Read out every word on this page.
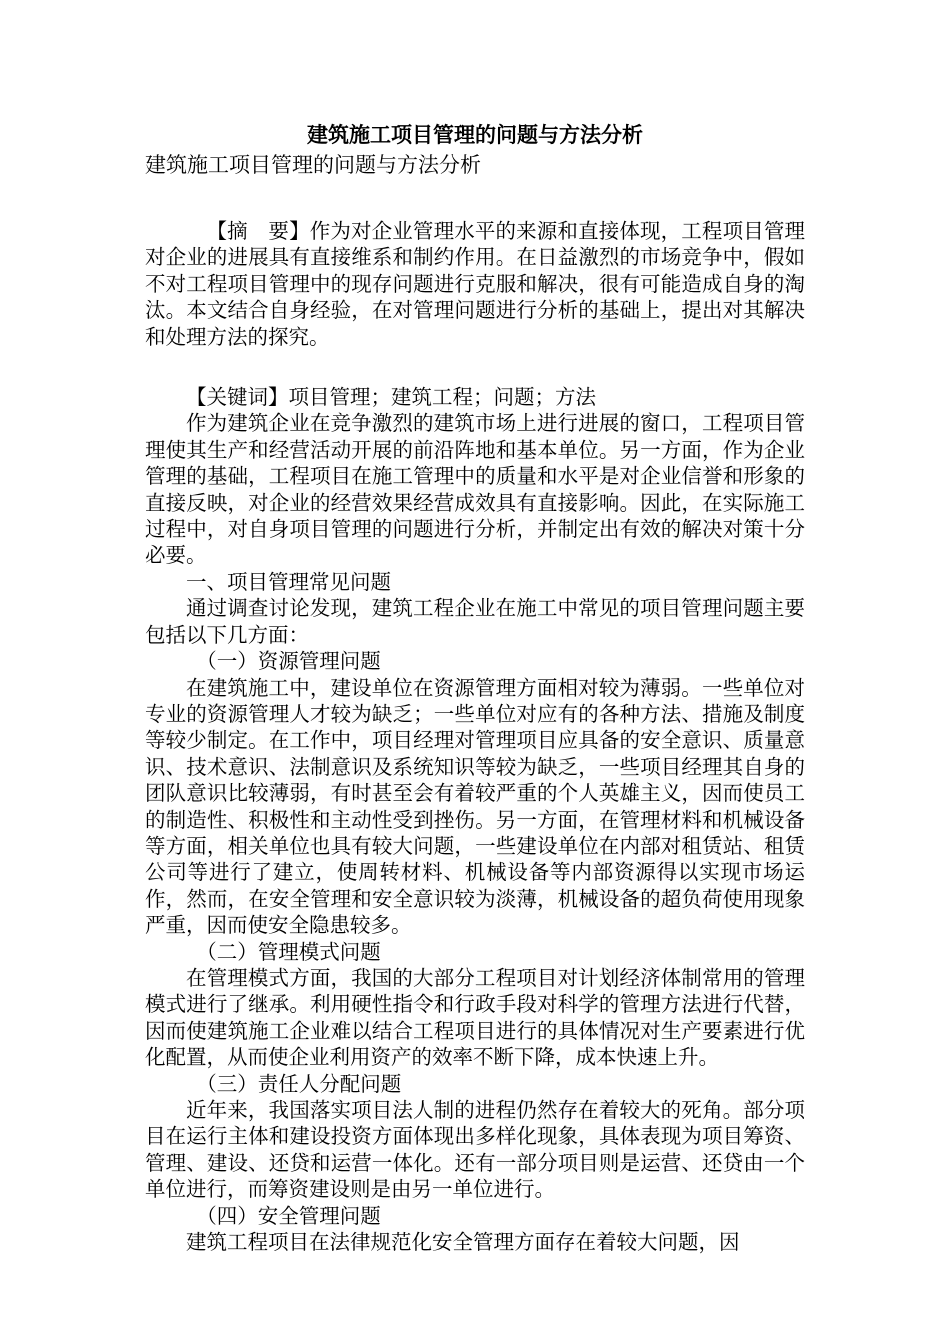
建筑施工项目管理的问题与方法分析

建筑施工项目管理的问题与方法分析

【摘　要】作为对企业管理水平的来源和直接体现，工程项目管理对企业的进展具有直接维系和制约作用。在日益激烈的市场竞争中，假如不对工程项目管理中的现存问题进行克服和解决，很有可能造成自身的淘汰。本文结合自身经验，在对管理问题进行分析的基础上，提出对其解决和处理方法的探究。

【关键词】项目管理；建筑工程；问题；方法

作为建筑企业在竞争激烈的建筑市场上进行进展的窗口，工程项目管理使其生产和经营活动开展的前沿阵地和基本单位。另一方面，作为企业管理的基础，工程项目在施工管理中的质量和水平是对企业信誉和形象的直接反映，对企业的经营效果经营成效具有直接影响。因此，在实际施工过程中，对自身项目管理的问题进行分析，并制定出有效的解决对策十分必要。

一、项目管理常见问题

通过调查讨论发现，建筑工程企业在施工中常见的项目管理问题主要包括以下几方面：

（一）资源管理问题

在建筑施工中，建设单位在资源管理方面相对较为薄弱。一些单位对专业的资源管理人才较为缺乏；一些单位对应有的各种方法、措施及制度等较少制定。在工作中，项目经理对管理项目应具备的安全意识、质量意识、技术意识、法制意识及系统知识等较为缺乏，一些项目经理其自身的团队意识比较薄弱，有时甚至会有着较严重的个人英雄主义，因而使员工的制造性、积极性和主动性受到挫伤。另一方面，在管理材料和机械设备等方面，相关单位也具有较大问题，一些建设单位在内部对租赁站、租赁公司等进行了建立，使周转材料、机械设备等内部资源得以实现市场运作，然而，在安全管理和安全意识较为淡薄，机械设备的超负荷使用现象严重，因而使安全隐患较多。

（二）管理模式问题

在管理模式方面，我国的大部分工程项目对计划经济体制常用的管理模式进行了继承。利用硬性指令和行政手段对科学的管理方法进行代替，因而使建筑施工企业难以结合工程项目进行的具体情况对生产要素进行优化配置，从而使企业利用资产的效率不断下降，成本快速上升。

（三）责任人分配问题

近年来，我国落实项目法人制的进程仍然存在着较大的死角。部分项目在运行主体和建设投资方面体现出多样化现象，具体表现为项目筹资、管理、建设、还贷和运营一体化。还有一部分项目则是运营、还贷由一个单位进行，而筹资建设则是由另一单位进行。

（四）安全管理问题

建筑工程项目在法律规范化安全管理方面存在着较大问题，因
